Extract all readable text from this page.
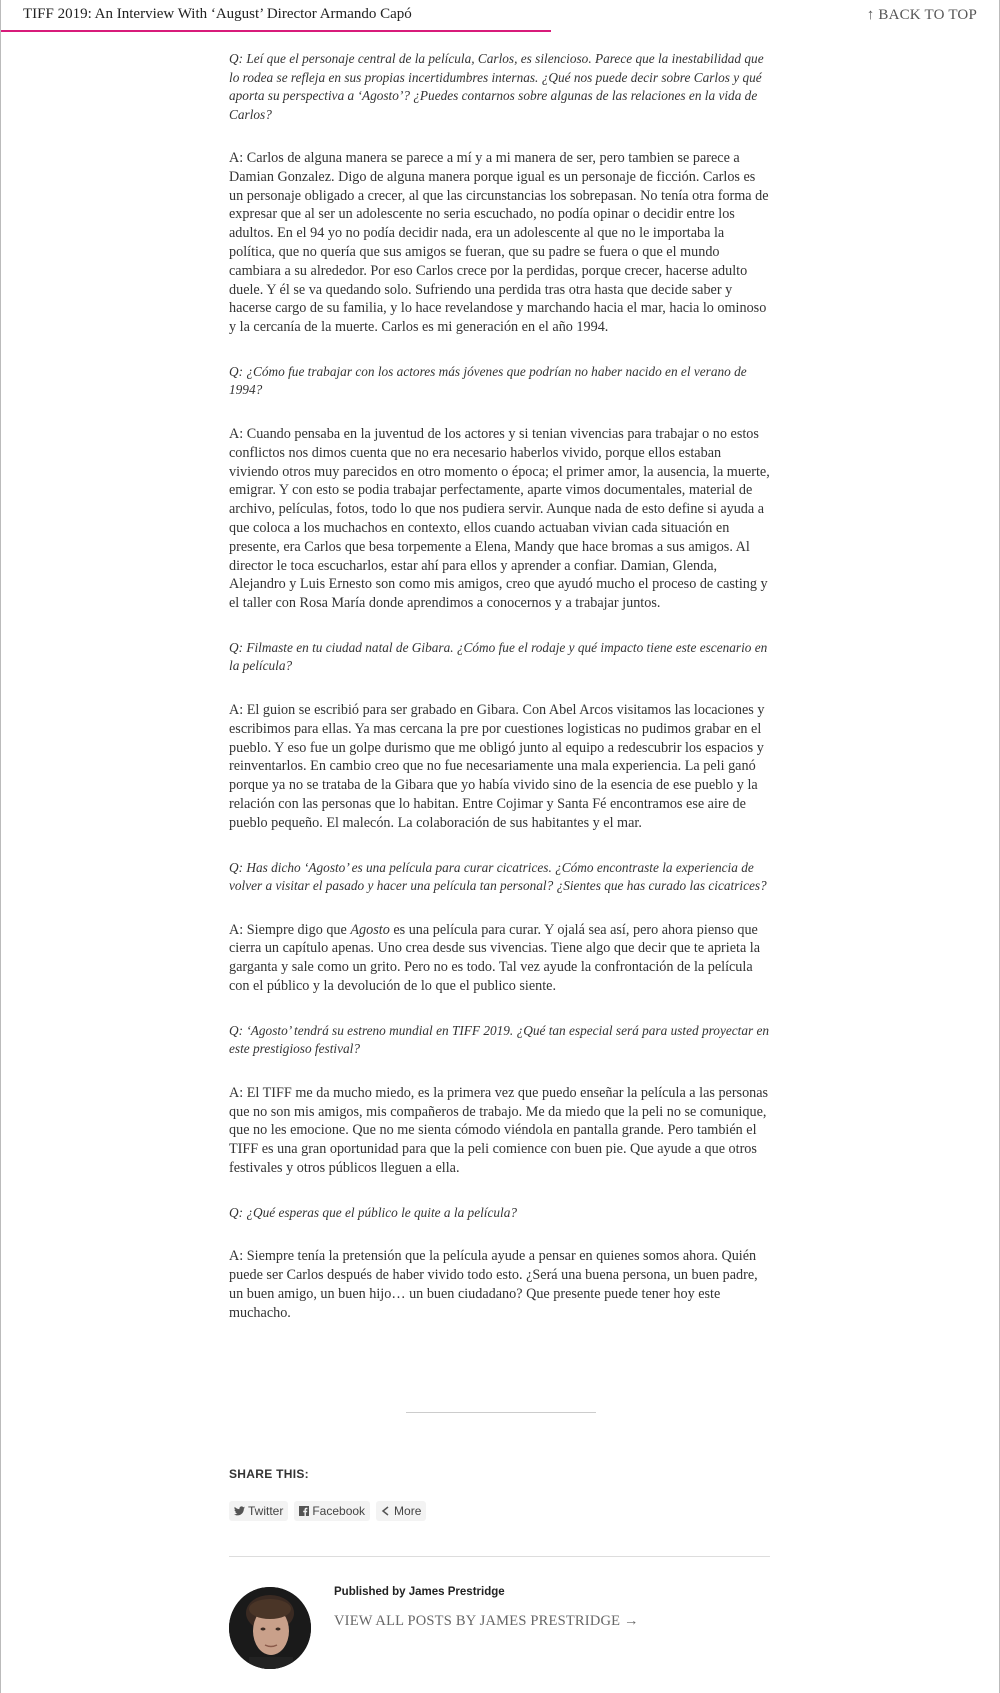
TIFF 2019: An Interview With ‘August’ Director Armando Capó	↑ BACK TO TOP

Q: Leí que el personaje central de la película, Carlos, es silencioso. Parece que la inestabilidad que lo rodea se refleja en sus propias incertidumbres internas. ¿Qué nos puede decir sobre Carlos y qué aporta su perspectiva a ‘Agosto’? ¿Puedes contarnos sobre algunas de las relaciones en la vida de Carlos?

A: Carlos de alguna manera se parece a mí y a mi manera de ser, pero tambien se parece a Damian Gonzalez. Digo de alguna manera porque igual es un personaje de ficción. Carlos es un personaje obligado a crecer, al que las circunstancias los sobrepasan. No tenía otra forma de expresar que al ser un adolescente no seria escuchado, no podía opinar o decidir entre los adultos. En el 94 yo no podía decidir nada, era un adolescente al que no le importaba la política, que no quería que sus amigos se fueran, que su padre se fuera o que el mundo cambiara a su alrededor. Por eso Carlos crece por la perdidas, porque crecer, hacerse adulto duele. Y él se va quedando solo. Sufriendo una perdida tras otra hasta que decide saber y hacerse cargo de su familia, y lo hace revelandose y marchando hacia el mar, hacia lo ominoso y la cercanía de la muerte. Carlos es mi generación en el año 1994.

Q: ¿Cómo fue trabajar con los actores más jóvenes que podrían no haber nacido en el verano de 1994?

A: Cuando pensaba en la juventud de los actores y si tenian vivencias para trabajar o no estos conflictos nos dimos cuenta que no era necesario haberlos vivido, porque ellos estaban viviendo otros muy parecidos en otro momento o época; el primer amor, la ausencia, la muerte, emigrar. Y con esto se podia trabajar perfectamente, aparte vimos documentales, material de archivo, películas, fotos, todo lo que nos pudiera servir. Aunque nada de esto define si ayuda a que coloca a los muchachos en contexto, ellos cuando actuaban vivian cada situación en presente, era Carlos que besa torpemente a Elena, Mandy que hace bromas a sus amigos. Al director le toca escucharlos, estar ahí para ellos y aprender a confiar. Damian, Glenda, Alejandro y Luis Ernesto son como mis amigos, creo que ayudó mucho el proceso de casting y el taller con Rosa María donde aprendimos a conocernos y a trabajar juntos.

Q: Filmaste en tu ciudad natal de Gibara. ¿Cómo fue el rodaje y qué impacto tiene este escenario en la película?

A: El guion se escribió para ser grabado en Gibara. Con Abel Arcos visitamos las locaciones y escribimos para ellas. Ya mas cercana la pre por cuestiones logisticas no pudimos grabar en el pueblo. Y eso fue un golpe durismo que me obligó junto al equipo a redescubrir los espacios y reinventarlos. En cambio creo que no fue necesariamente una mala experiencia. La peli ganó porque ya no se trataba de la Gibara que yo había vivido sino de la esencia de ese pueblo y la relación con las personas que lo habitan. Entre Cojimar y Santa Fé encontramos ese aire de pueblo pequeño. El malecón. La colaboración de sus habitantes y el mar.

Q: Has dicho ‘Agosto’ es una película para curar cicatrices. ¿Cómo encontraste la experiencia de volver a visitar el pasado y hacer una película tan personal? ¿Sientes que has curado las cicatrices?

A: Siempre digo que Agosto es una película para curar. Y ojalá sea así, pero ahora pienso que cierra un capítulo apenas. Uno crea desde sus vivencias. Tiene algo que decir que te aprieta la garganta y sale como un grito. Pero no es todo. Tal vez ayude la confrontación de la película con el público y la devolución de lo que el publico siente.

Q: ‘Agosto’ tendrá su estreno mundial en TIFF 2019. ¿Qué tan especial será para usted proyectar en este prestigioso festival?

A: El TIFF me da mucho miedo, es la primera vez que puedo enseñar la película a las personas que no son mis amigos, mis compañeros de trabajo. Me da miedo que la peli no se comunique, que no les emocione. Que no me sienta cómodo viéndola en pantalla grande. Pero también el TIFF es una gran oportunidad para que la peli comience con buen pie. Que ayude a que otros festivales y otros públicos lleguen a ella.

Q: ¿Qué esperas que el público le quite a la película?

A: Siempre tenía la pretensión que la película ayude a pensar en quienes somos ahora. Quién puede ser Carlos después de haber vivido todo esto. ¿Será una buena persona, un buen padre, un buen amigo, un buen hijo… un buen ciudadano? Que presente puede tener hoy este muchacho.

SHARE THIS:
Twitter Facebook More
Published by James Prestridge
VIEW ALL POSTS BY JAMES PRESTRIDGE →
